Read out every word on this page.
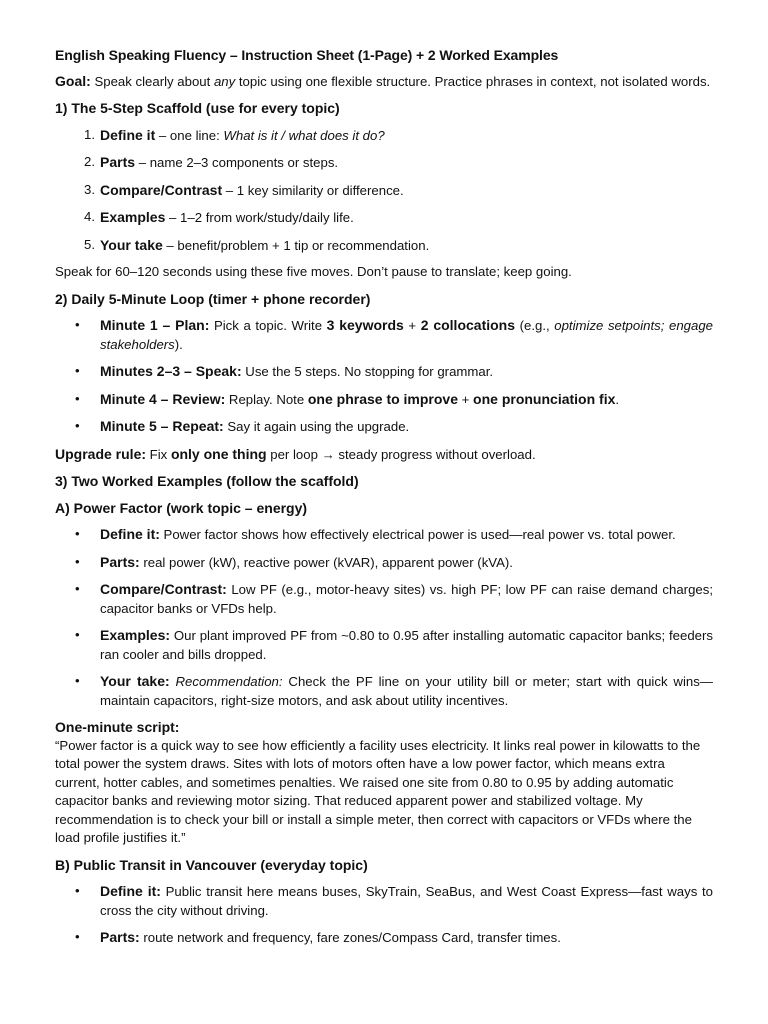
English Speaking Fluency – Instruction Sheet (1-Page) + 2 Worked Examples

Goal: Speak clearly about any topic using one flexible structure. Practice phrases in context, not isolated words.

1) The 5-Step Scaffold (use for every topic)
1. Define it – one line: What is it / what does it do?
2. Parts – name 2–3 components or steps.
3. Compare/Contrast – 1 key similarity or difference.
4. Examples – 1–2 from work/study/daily life.
5. Your take – benefit/problem + 1 tip or recommendation.

Speak for 60–120 seconds using these five moves. Don’t pause to translate; keep going.

2) Daily 5-Minute Loop (timer + phone recorder)
• Minute 1 – Plan: Pick a topic. Write 3 keywords + 2 collocations (e.g., optimize setpoints; engage stakeholders).
• Minutes 2–3 – Speak: Use the 5 steps. No stopping for grammar.
• Minute 4 – Review: Replay. Note one phrase to improve + one pronunciation fix.
• Minute 5 – Repeat: Say it again using the upgrade.

Upgrade rule: Fix only one thing per loop → steady progress without overload.

3) Two Worked Examples (follow the scaffold)
A) Power Factor (work topic – energy)
• Define it: Power factor shows how effectively electrical power is used—real power vs. total power.
• Parts: real power (kW), reactive power (kVAR), apparent power (kVA).
• Compare/Contrast: Low PF (e.g., motor-heavy sites) vs. high PF; low PF can raise demand charges; capacitor banks or VFDs help.
• Examples: Our plant improved PF from ~0.80 to 0.95 after installing automatic capacitor banks; feeders ran cooler and bills dropped.
• Your take: Recommendation: Check the PF line on your utility bill or meter; start with quick wins—maintain capacitors, right-size motors, and ask about utility incentives.
One-minute script:

“Power factor is a quick way to see how efficiently a facility uses electricity. It links real power in kilowatts to the total power the system draws. Sites with lots of motors often have a low power factor, which means extra current, hotter cables, and sometimes penalties. We raised one site from 0.80 to 0.95 by adding automatic capacitor banks and reviewing motor sizing. That reduced apparent power and stabilized voltage. My recommendation is to check your bill or install a simple meter, then correct with capacitors or VFDs where the load profile justifies it.”

B) Public Transit in Vancouver (everyday topic)
• Define it: Public transit here means buses, SkyTrain, SeaBus, and West Coast Express—fast ways to cross the city without driving.
• Parts: route network and frequency, fare zones/Compass Card, transfer times.
